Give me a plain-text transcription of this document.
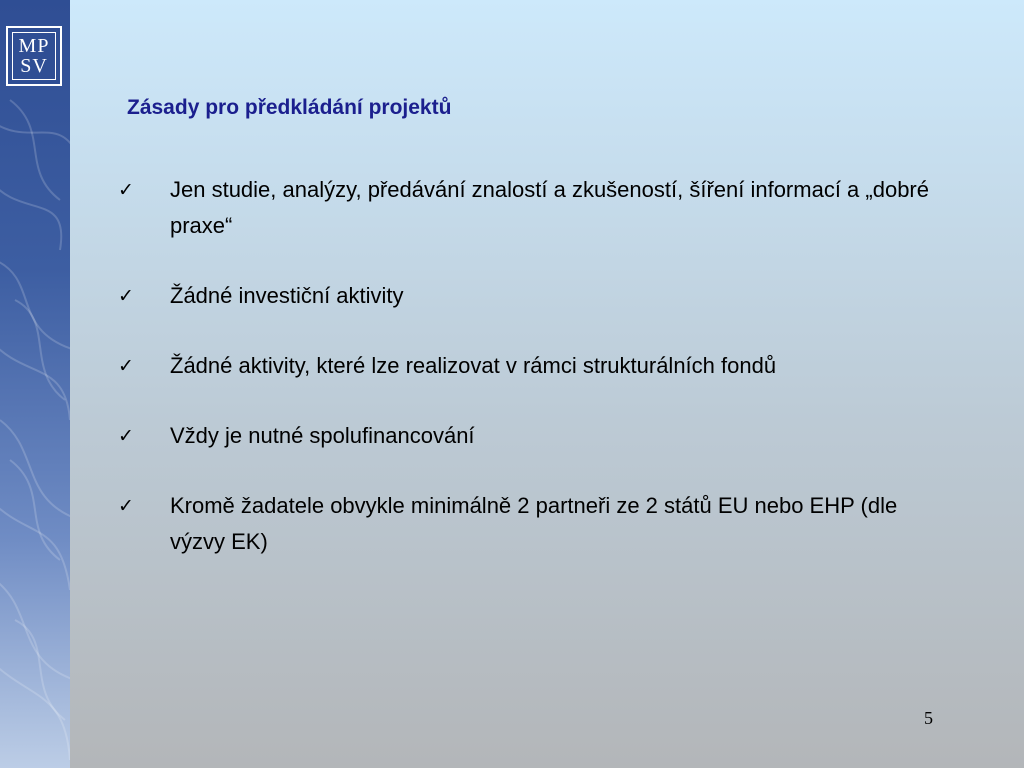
MP
SV
Zásady pro předkládání projektů
✓ Jen studie, analýzy, předávání znalostí a zkušeností, šíření informací a „dobré praxe“
✓ Žádné investiční aktivity
✓ Žádné aktivity, které lze realizovat v rámci strukturálních fondů
✓ Vždy je nutné spolufinancování
✓ Kromě žadatele obvykle minimálně 2 partneři ze 2 států EU nebo EHP (dle výzvy EK)
5
